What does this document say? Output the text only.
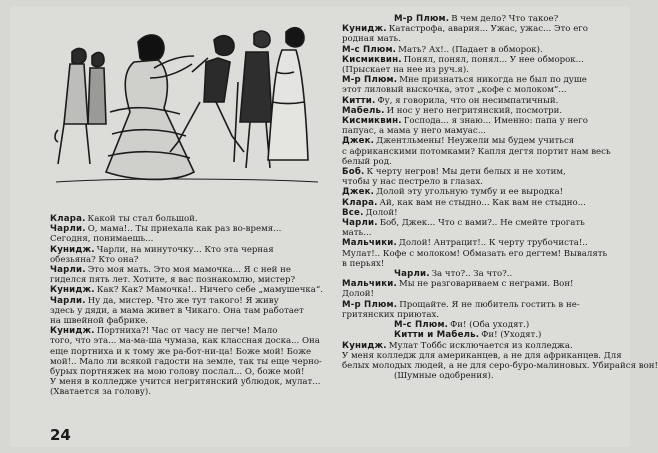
Клара. Какой ты стал большой.

Чарли. О, мама!.. Ты приехала как раз во-время...

Сегодня, понимаешь...

Кунидж. Чарли, на минуточку... Кто эта черная

обезьяна? Кто она?

Чарли. Это моя мать. Это моя мамочка... Я с ней не

гиделся пять лет. Хотите, я вас познакомлю, мистер?

Кунидж. Как? Как? Мамочка!.. Ничего себе „мамушечка“.

Чарли. Ну да, мистер. Что же тут такого! Я живу

здесь у дяди, а мама живет в Чикаго. Она там работает

на швейной фабрике.

Кунидж. Портниха?! Час от часу не легче! Мало

того, что эта... ма-ма-ша чумаза, как классная доска... Она

еще портниха и к тому же ра-бот-ни-ца! Боже мой! Боже

мой!.. Мало ли всякой гадости на земле, так ты еще черно-

бурых портняжек на мою голову послал... О, боже мой!

У меня в колледже учится негритянский ублюдок, мулат...

(Хватается за голову).

М-р Плюм. В чем дело? Что такое?

Кунидж. Катастрофа, авария... Ужас, ужас... Это его

родная мать.

М-с Плюм. Мать? Ах!.. (Падает в обморок).

Кисмиквин. Понял, понял, понял... У нее обморок...

(Прыскает на нее из руч.я).

М-р Плюм. Мне признаться никогда не был по душе

этот лиловый выскочка, этот „кофе с молоком“...

Китти. Фу, я говорила, что он несимпатичный.

Мабель. И нос у него негритянский, посмотри.

Кисмиквин. Господа... я знаю... Именно: папа у него

папуас, а мама у него мамуас...

Джек. Джентльмены! Неужели мы будем учиться

с африканскими потомками? Капля дегтя портит нам весь

белый род.

Боб. К черту негров! Мы дети белых и не хотим,

чтобы у нас пестрело в глазах.

Джек. Долой эту угольную тумбу и ее выродка!

Клара. Ай, как вам не стыдно... Как вам не стыдно...

Все. Долой!

Чарли. Боб, Джек... Что с вами?.. Не смейте трогать

мать...

Мальчики. Долой! Антрацит!.. К черту трубочиста!..

Мулат!.. Кофе с молоком! Обмазать его дегтем! Вывалять

в перьях!

Чарли. За что?.. За что?..

Мальчики. Мы не разговариваем с неграми. Вон!

Долой!

М-р Плюм. Прощайте. Я не любитель гостить в не-

гритянских приютах.

М-с Плюм. Фи! (Оба уходят.)

Китти и Мабель. Фи! (Уходят.)

Кунидж. Мулат Тоббс исключается из колледжа.

У меня колледж для американцев, а не для африканцев. Для

белых молодых людей, а не для серо-буро-малиновых. Убирайся вон!

(Шумные одобрения).

24
